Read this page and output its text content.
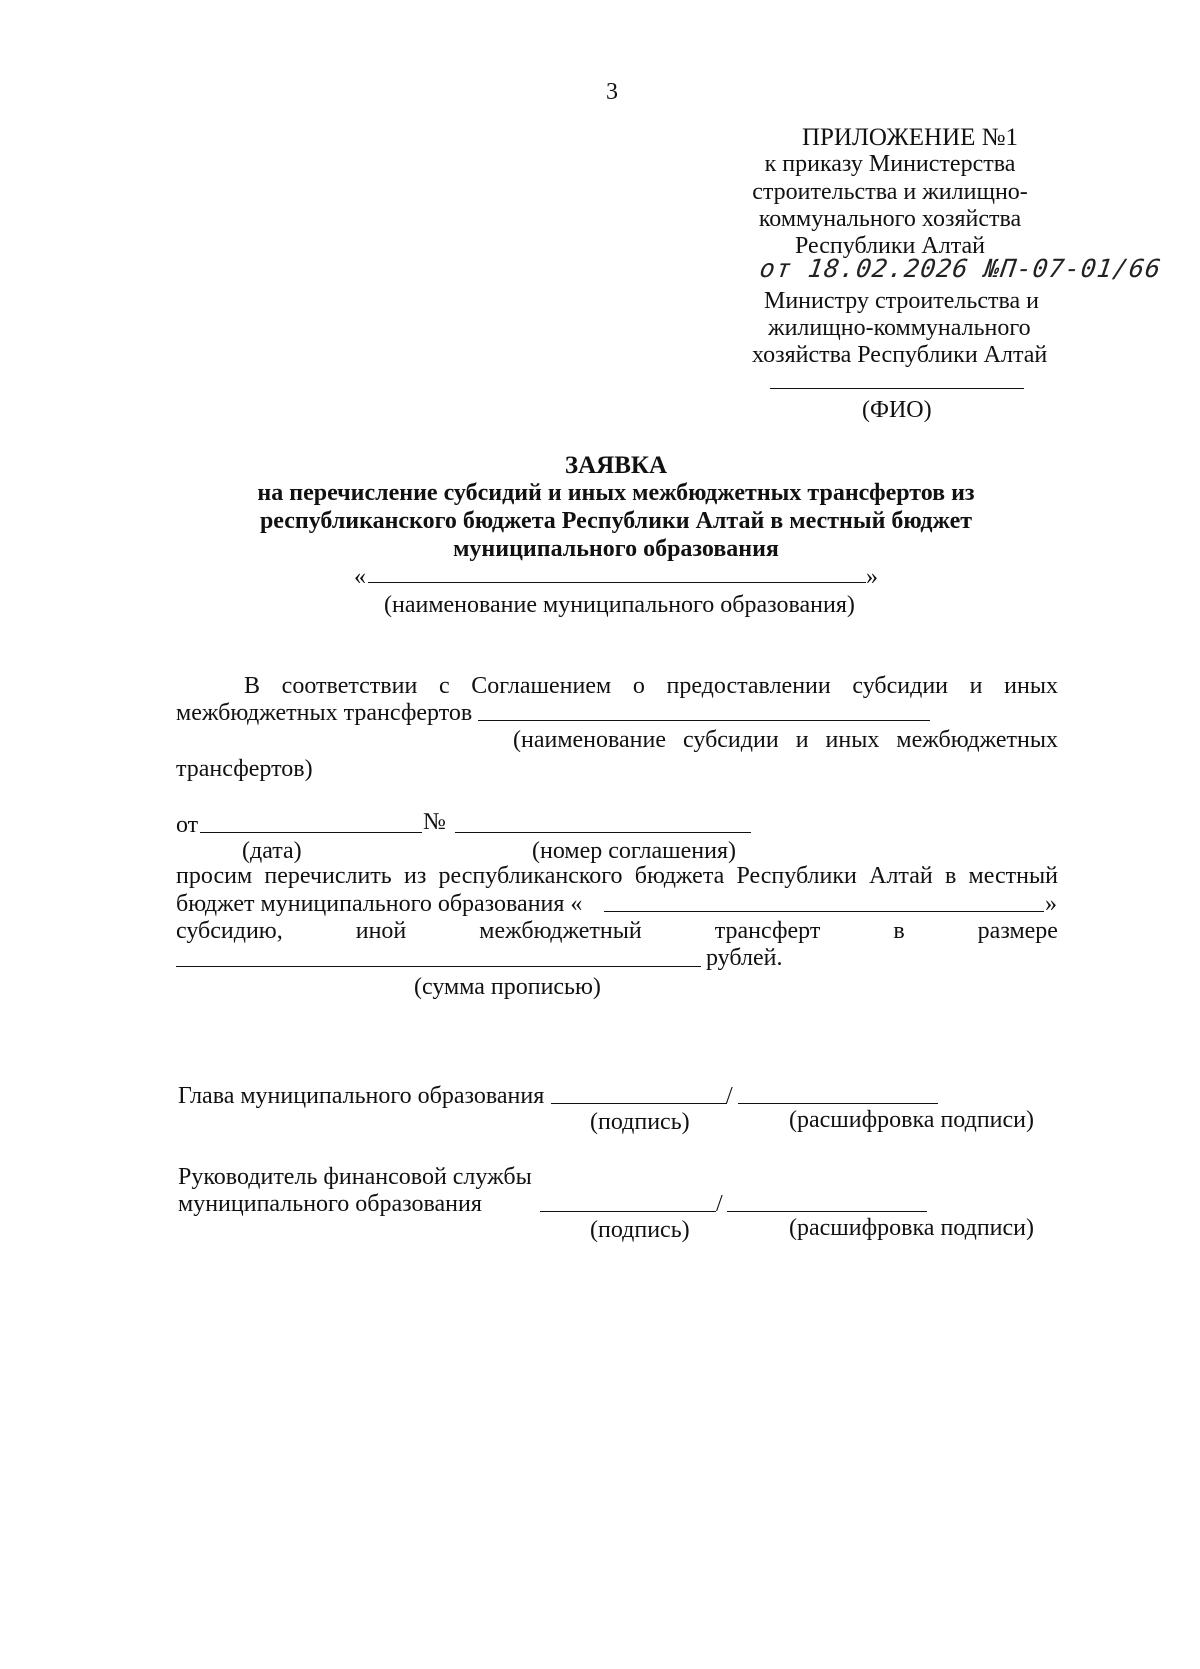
3
ПРИЛОЖЕНИЕ №1
к приказу Министерства
строительства и жилищно-
коммунального хозяйства
Республики Алтай
от 18.02.2026 №П-07-01/66
Министру строительства и
жилищно-коммунального
хозяйства Республики Алтай
(ФИО)
ЗАЯВКА
на перечисление субсидий и иных межбюджетных трансфертов из
республиканского бюджета Республики Алтай в местный бюджет
муниципального образования
«	»
(наименование муниципального образования)
В соответствии с Соглашением о предоставлении субсидии и иных
межбюджетных трансфертов
(наименование субсидии и иных межбюджетных
трансфертов)
от	№
(дата)	(номер соглашения)
просим перечислить из республиканского бюджета Республики Алтай в местный
бюджет муниципального образования «	»
субсидию,	иной	межбюджетный	трансферт	в	размере
рублей.
(сумма прописью)
Глава муниципального образования	/
(подпись)	(расшифровка подписи)
Руководитель финансовой службы
муниципального образования	/
(подпись)	(расшифровка подписи)
